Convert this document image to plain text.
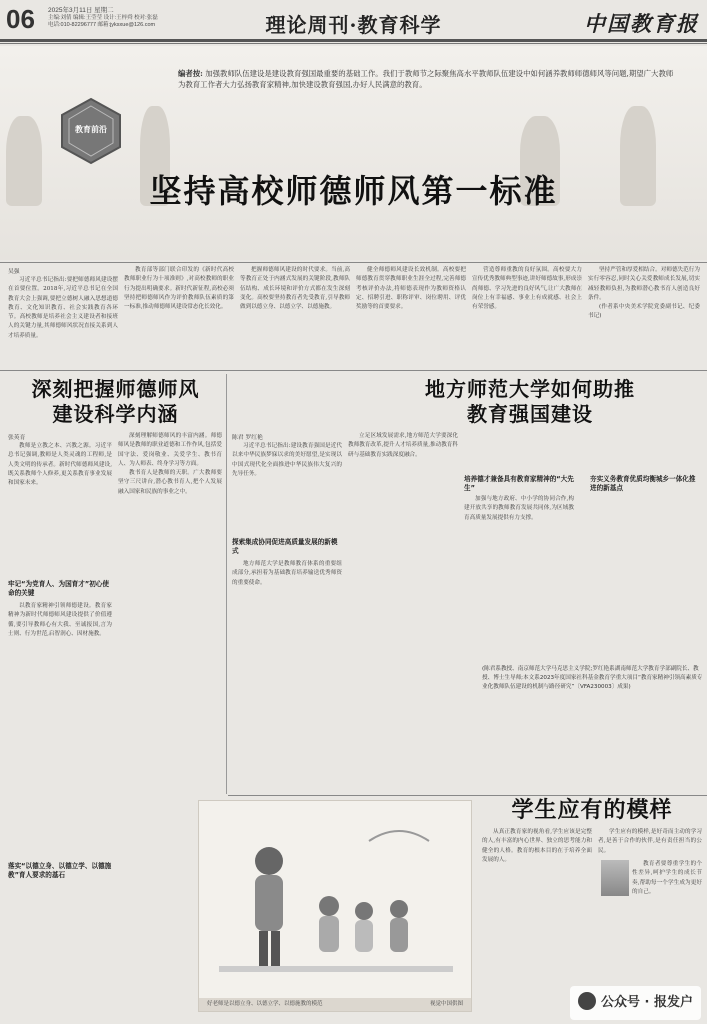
06 2025年3月11日 星期二
主编:刘倩 编辑:王莹莹 设计:王梓舜 校对:张磊
电话:010-82296777 邮箱:jyksxue@126.com	理论周刊·教育科学	中国教育报
教育前沿
编者按: 加强教师队伍建设是建设教育强国最重要的基础工作。我们于教师节之际聚焦高水平教师队伍建设中如何涵养教师师德师风等问题,期望广大教师为教育工作者大力弘扬教育家精神,加快建设教育强国,办好人民满意的教育。
坚持高校师德师风第一标准
吴强

习近平总书记指出:要把师德师风建设摆在首要位置。2018年,习近平总书记在全国教育大会上强调,要把立德树人融入思想道德教育、文化知识教育、社会实践教育各环节。高校教师是培养社会主义建设者和接班人的关键力量,其师德师风状况直接关系到人才培养质量。

教育部等部门联合印发的《新时代高校教师职业行为十项准则》,对高校教师的职业行为提出明确要求。新时代新征程,高校必须坚持把师德师风作为评价教师队伍素质的第一标准,推动师德师风建设常态化长效化。

把握师德师风建设的时代要求。当前,高等教育正处于内涵式发展的关键阶段,教师队伍结构、成长环境和评价方式都在发生深刻变化。高校要坚持教育者先受教育,引导教师做到以德立身、以德立学、以德施教。

健全师德师风建设长效机制。高校要把师德教育贯穿教师职业生涯全过程,完善师德考核评价办法,将师德表现作为教师资格认定、招聘引进、职称评审、岗位聘用、评优奖励等的首要要求。

营造尊师重教的良好氛围。高校要大力宣传优秀教师典型事迹,讲好师德故事,形成崇尚师德、学习先进的良好风气,让广大教师在岗位上有幸福感、事业上有成就感、社会上有荣誉感。

坚持严管和厚爱相结合。对师德失范行为实行零容忍,同时关心关爱教师成长发展,切实减轻教师负担,为教师潜心教书育人创造良好条件。

(作者系中央美术学院党委副书记、纪委书记)

深刻把握师德师风
建设科学内涵
张英育

教师是立教之本、兴教之源。习近平总书记强调,教师是人类灵魂的工程师,是人类文明的传承者。新时代师德师风建设,既关系教师个人修养,更关系教育事业发展和国家未来。

深刻理解师德师风的丰富内涵。师德师风是教师的职业道德和工作作风,包括爱国守法、爱岗敬业、关爱学生、教书育人、为人师表、终身学习等方面。

教书育人是教师的天职。广大教师要坚守三尺讲台,潜心教书育人,把个人发展融入国家和民族的事业之中。

牢记“为党育人、为国育才”初心使命的关键

以教育家精神引领师德建设。教育家精神为新时代师德师风建设提供了价值遵循,要引导教师心有大我、至诚报国,言为士则、行为世范,启智润心、因材施教。

落实“以德立身、以德立学、以德施教”育人要求的基石
地方师范大学如何助推
教育强国建设
陈君 罗红艳

习近平总书记指出:建设教育强国是近代以来中华民族梦寐以求的美好愿望,是实现以中国式现代化全面推进中华民族伟大复兴的先导任务。

探索集成协同促进高质量发展的新模式

地方师范大学是教师教育体系的重要组成部分,承担着为基础教育培养输送优秀师资的重要使命。

立足区域发展需求,地方师范大学要深化教师教育改革,提升人才培养质量,推动教育科研与基础教育实践深度融合。

培养德才兼备具有教育家精神的“大先生”

加强与地方政府、中小学的协同合作,构建开放共享的教师教育发展共同体,为区域教育高质量发展提供有力支撑。

夯实义务教育优质均衡城乡一体化推进的新基点
(陈君系教授、南京师范大学马克思主义学院;罗红艳系湖南师范大学教育学部副院长、教授、博士生导师;本文系2023年度国家社科基金教育学重大项目“教育家精神引领高素质专业化教师队伍建设的机制与路径研究”〔VFA230003〕成果)
学生应有的模样

从真正教育家的视角看,学生应该是完整的人,有丰富的内心世界、独立的思考能力和健全的人格。教育的根本目的在于培养全面发展的人。

学生应有的模样,是好奇而主动的学习者,是善于合作的伙伴,是有责任担当的公民。

教育者要尊重学生的个性差异,呵护学生的成长节奏,帮助每一个学生成为更好的自己。

好老师是以德立身、以德立学、以德施教的模范	视觉中国供图	公众号 · 报发户
